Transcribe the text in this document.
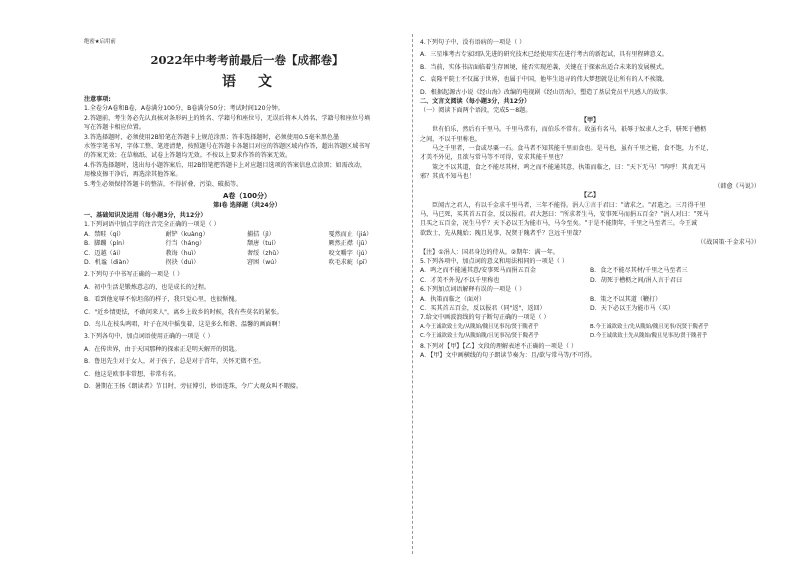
绝密★启用前
2022年中考考前最后一卷【成都卷】
语文
注意事项:
1.全卷分A卷和B卷，A卷满分100分，B卷满分50分；考试时间120分钟。
2.答题前，考生务必先认真核对条形码上的姓名、学籍号和座位号，无误后将本人姓名、学籍号和座位号填
写在答题卡相应位置。
3.答选择题时，必须使用2B铅笔在答题卡上规范涂黑；答非选择题时，必须使用0.5毫米黑色墨
水签字笔书写，字体工整、笔迹清楚，按照题号在答题卡各题目对应的答题区域内作答，超出答题区域书写
的答案无效；在草稿纸、试卷上答题均无效。不按以上要求作答的答案无效。
4.作答选择题时，选出每小题答案后，用2B铅笔把答题卡上对应题目选项的答案信息点涂黑；如需改动，
用橡皮擦干净后，再选涂其他答案。
5.考生必须保持答题卡的整洁，不得折叠、污染、破损等。
A卷（100分）
第Ⅰ卷 选择题（共24分）
一、基础知识及运用（每小题3分，共12分）
1.下列词语中加点字的注音完全正确的一项是（ ）
A．禁畦（qí）	耐铲（kuàng）	捕拮（jì）	戛然而止（jiá）
B．脚蹦（pín）	行当（háng）	颓唐（tuí）	厥然正襟（jū）
C．迈越（ái）	教诲（huì）	奢绥（zhǔ）	咬文嚼字（jú）
D．机谧（diàn）	拐抉（duì）	窘困（wú）	吹毛求疵（pī）
2.下列句子中书写正确的一项是（ ）
A．初中生活是锻炼意志的，也是成长的过程。
B．看到他宠辱不惊坦荡的样子，我只觉心里，也很惭愧。
C．"近乡情更怯，不敢问来人"，离乡上故乡的时候，我有些莫名的紧张。
D．鸟儿在枝头鸣唱，叶子在风中摇曳着，这是多么和谐、温馨的画面啊！
3.下列各句中，加点词语使用正确的一项是（ ）
A．在传世界，由于天国那种的探索正是明天解开的钥匙。
B．鲁迅先生对于女人，对于孩子，总是对于青年，关怀无微不至。
C．他这是欧事非常想，非常有名。
D．暑期在王扬《朗读者》节目时，旁征博引，妙语连珠，令广大观众叫不暇接。
4.下列句子中，没有语病的一项是（ ）
A．三星堆考古专家团队先进的研究技术已经使用实在进行考古的新起试，具有里程碑意义。
B．当前，实体书店面临着生存困境，能否实现逆袭，关键在于探索出适合未来的发展模式。
C．袁隆平院士不仅属于世界，也属于中国，他毕生追寻的伟大梦想就是让所有的人不挨饿。
D．根据起源古小说《经山海》改编的电视剧《经山历海》，塑造了基层党员平凡感人的故事。
二、文言文阅读（每小题3分，共12分）
（一）阅读下面两个语段，完成5～8题。
【甲】
世有伯乐，然后有千里马。千里马常有，而伯乐不常有。故虽有名马，祇辱于奴隶人之手，骈死于槽枥
之间，不以千里称也。
马之千里者，一食或尽粟一石。食马者不知其能千里而食也。是马也，虽有千里之能，食不饱，力不足，
才美不外见，且欲与常马等不可得，安求其能千里也？
策之不以其道，食之不能尽其材，鸣之而不能通其意，执策而临之，曰："天下无马！"呜呼！其真无马
邪？其真不知马也！
（韩愈《马说》）
【乙】
臣闻古之君人，有以千金求千里马者，三年不能得。涓人①言于君曰："请求之。"君遣之。三月得千里
马，马已死，买其首五百金，反以报君。君大怒曰："所求者生马，安事死马而捐五百金？"涓人对曰："死马
且买之五百金，况生马乎？天下必以王为能市马，马今至矣。"于是不能期年，千里之马至者三。今王诚
欲致士，先从隗始；隗且见事，况贤于隗者乎？岂远千里哉？
（《战国策·千金求马》）
【注】①涓人：国君身边的侍从。②期年：满一年。
5.下列各项中，加点词的意义和用法相同的一项是（ ）
A．鸣之而不能通其意/安事死马而捐五百金	B．食之不能尽其材/千里之马至者三
C．才美不外见/不以千里称也	D．胡死于槽枥之间/涓人言于君曰
6.下列加点词语解释有误的一项是（ ）
A．执策而临之（面对）	B．策之不以其道（鞭打）
C．买其首五百金，反以报君（同"返"，返回）	D．天下必以王为能市马（买）
7.给文中画波浪线的句子断句正确的一项是（ ）
A.今王诚欲致士先/从隗始/隗且见事况/贤于隗者乎	B.今王诚欲致士/先从隗始/隗且见事/况贤于隗者乎
C.今王诚欲致士先/从隗始隗/且见事况/贤于隗者乎	D.今王诚欲致士先从隗始/隗且见事况/贤于隗者乎
8.下列对【甲】【乙】文段的理解表述不正确的一项是（ ）
A．【甲】文中画横线的句子朗读节奏为：且/欲与常马等/不可得。
